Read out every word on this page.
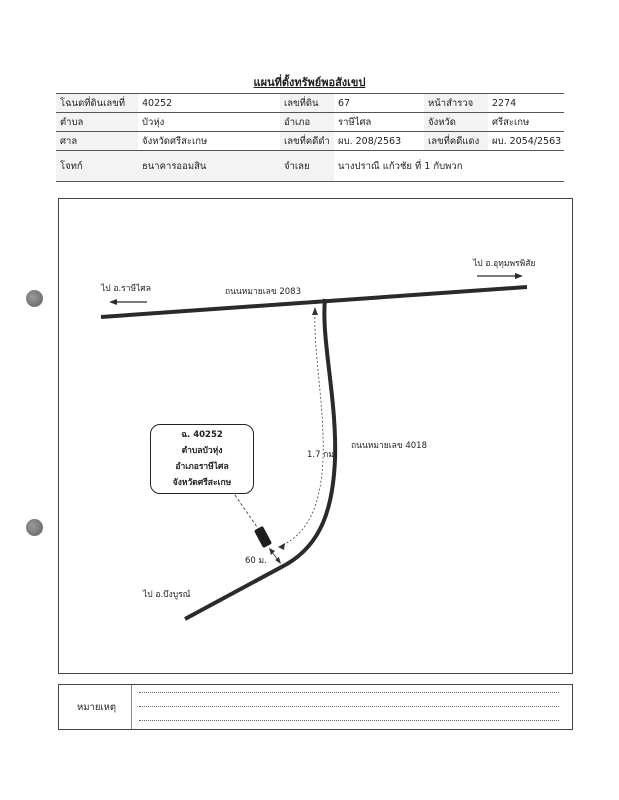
แผนที่ตั้งทรัพย์พอสังเขป
โฉนดที่ดินเลขที่	40252	เลขที่ดิน	67	หน้าสำรวจ	2274
ตำบล	บัวหุ่ง	อำเภอ	ราษีไศล	จังหวัด	ศรีสะเกษ
ศาล	จังหวัดศรีสะเกษ	เลขที่คดีดำ	ผบ. 208/2563	เลขที่คดีแดง	ผบ. 2054/2563
โจทก์	ธนาคารออมสิน	จำเลย	นางปราณี แก้วชัย ที่ 1 กับพวก		
ไป อ.ราษีไศล
ไป อ.อุทุมพรพิสัย
ถนนหมายเลข 2083
ถนนหมายเลข 4018
1.7 กม.
60 ม.
ไป อ.บึงบูรณ์
ฉ. 40252
ตำบลบัวหุ่ง
อำเภอราษีไศล
จังหวัดศรีสะเกษ
หมายเหตุ
